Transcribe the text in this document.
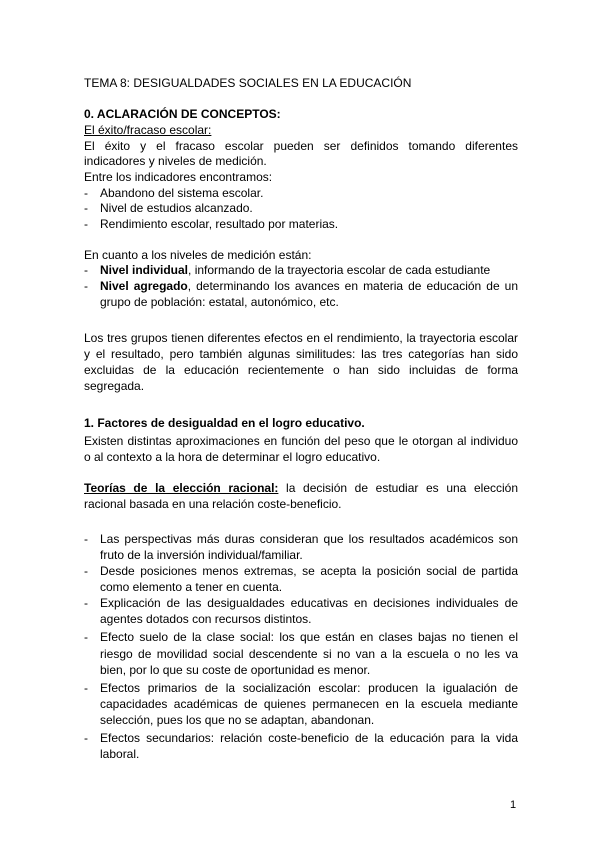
TEMA 8: DESIGUALDADES SOCIALES EN LA EDUCACIÓN
0. ACLARACIÓN DE CONCEPTOS:
El éxito/fracaso escolar:
El éxito y el fracaso escolar pueden ser definidos tomando diferentes
indicadores y niveles de medición.
Entre los indicadores encontramos:
- Abandono del sistema escolar.
- Nivel de estudios alcanzado.
- Rendimiento escolar, resultado por materias.
En cuanto a los niveles de medición están:
- Nivel individual, informando de la trayectoria escolar de cada estudiante
- Nivel agregado, determinando los avances en materia de educación de un
grupo de población: estatal, autonómico, etc.
Los tres grupos tienen diferentes efectos en el rendimiento, la trayectoria escolar
y el resultado, pero también algunas similitudes: las tres categorías han sido
excluidas de la educación recientemente o han sido incluidas de forma
segregada.
1. Factores de desigualdad en el logro educativo.
Existen distintas aproximaciones en función del peso que le otorgan al individuo
o al contexto a la hora de determinar el logro educativo.
Teorías de la elección racional: la decisión de estudiar es una elección
racional basada en una relación coste-beneficio.
- Las perspectivas más duras consideran que los resultados académicos son
fruto de la inversión individual/familiar.
- Desde posiciones menos extremas, se acepta la posición social de partida
como elemento a tener en cuenta.
- Explicación de las desigualdades educativas en decisiones individuales de
agentes dotados con recursos distintos.
- Efecto suelo de la clase social: los que están en clases bajas no tienen el
riesgo de movilidad social descendente si no van a la escuela o no les va
bien, por lo que su coste de oportunidad es menor.
- Efectos primarios de la socialización escolar: producen la igualación de
capacidades académicas de quienes permanecen en la escuela mediante
selección, pues los que no se adaptan, abandonan.
- Efectos secundarios: relación coste-beneficio de la educación para la vida
laboral.
1
